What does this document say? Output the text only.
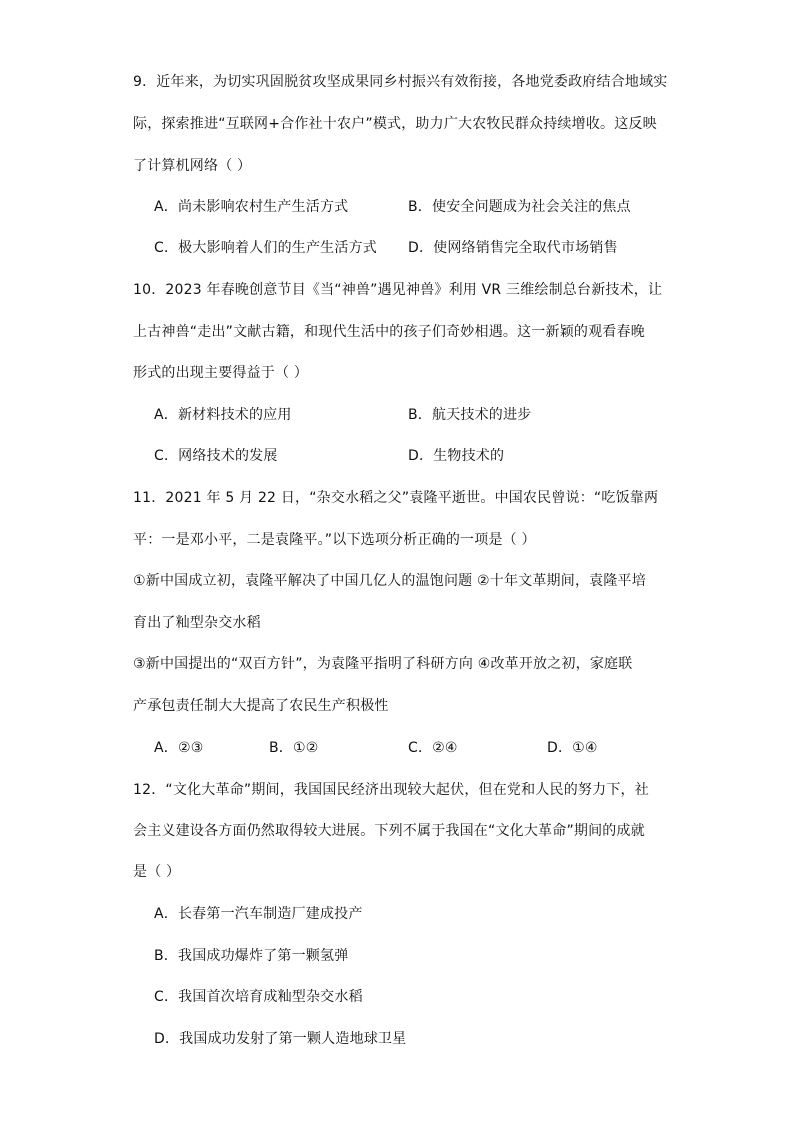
9．近年来，为切实巩固脱贫攻坚成果同乡村振兴有效衔接，各地党委政府结合地域实
际，探索推进“互联网+合作社十农户”模式，助力广大农牧民群众持续增收。这反映
了计算机网络（ ）
A．尚未影响农村生产生活方式	B．使安全问题成为社会关注的焦点
C．极大影响着人们的生产生活方式 D．使网络销售完全取代市场销售
10．2023 年春晚创意节目《当“神兽”遇见神兽》利用 VR 三维绘制总台新技术，让
上古神兽“走出”文献古籍，和现代生活中的孩子们奇妙相遇。这一新颖的观看春晚
形式的出现主要得益于（ ）
A．新材料技术的应用	B．航天技术的进步
C．网络技术的发展	D．生物技术的
11．2021 年 5 月 22 日，“杂交水稻之父”袁隆平逝世。中国农民曾说：“吃饭靠两
平：一是邓小平，二是袁隆平。”以下选项分析正确的一项是（ ）
①新中国成立初，袁隆平解决了中国几亿人的温饱问题 ②十年文革期间，袁隆平培
育出了籼型杂交水稻
③新中国提出的“双百方针”，为袁隆平指明了科研方向 ④改革开放之初，家庭联
产承包责任制大大提高了农民生产积极性
A．②③	B．①②	C．②④	D．①④
12．“文化大革命”期间，我国国民经济出现较大起伏，但在党和人民的努力下，社
会主义建设各方面仍然取得较大进展。下列不属于我国在“文化大革命”期间的成就
是（ ）
A．长春第一汽车制造厂建成投产
B．我国成功爆炸了第一颗氢弹
C．我国首次培育成籼型杂交水稻
D．我国成功发射了第一颗人造地球卫星
